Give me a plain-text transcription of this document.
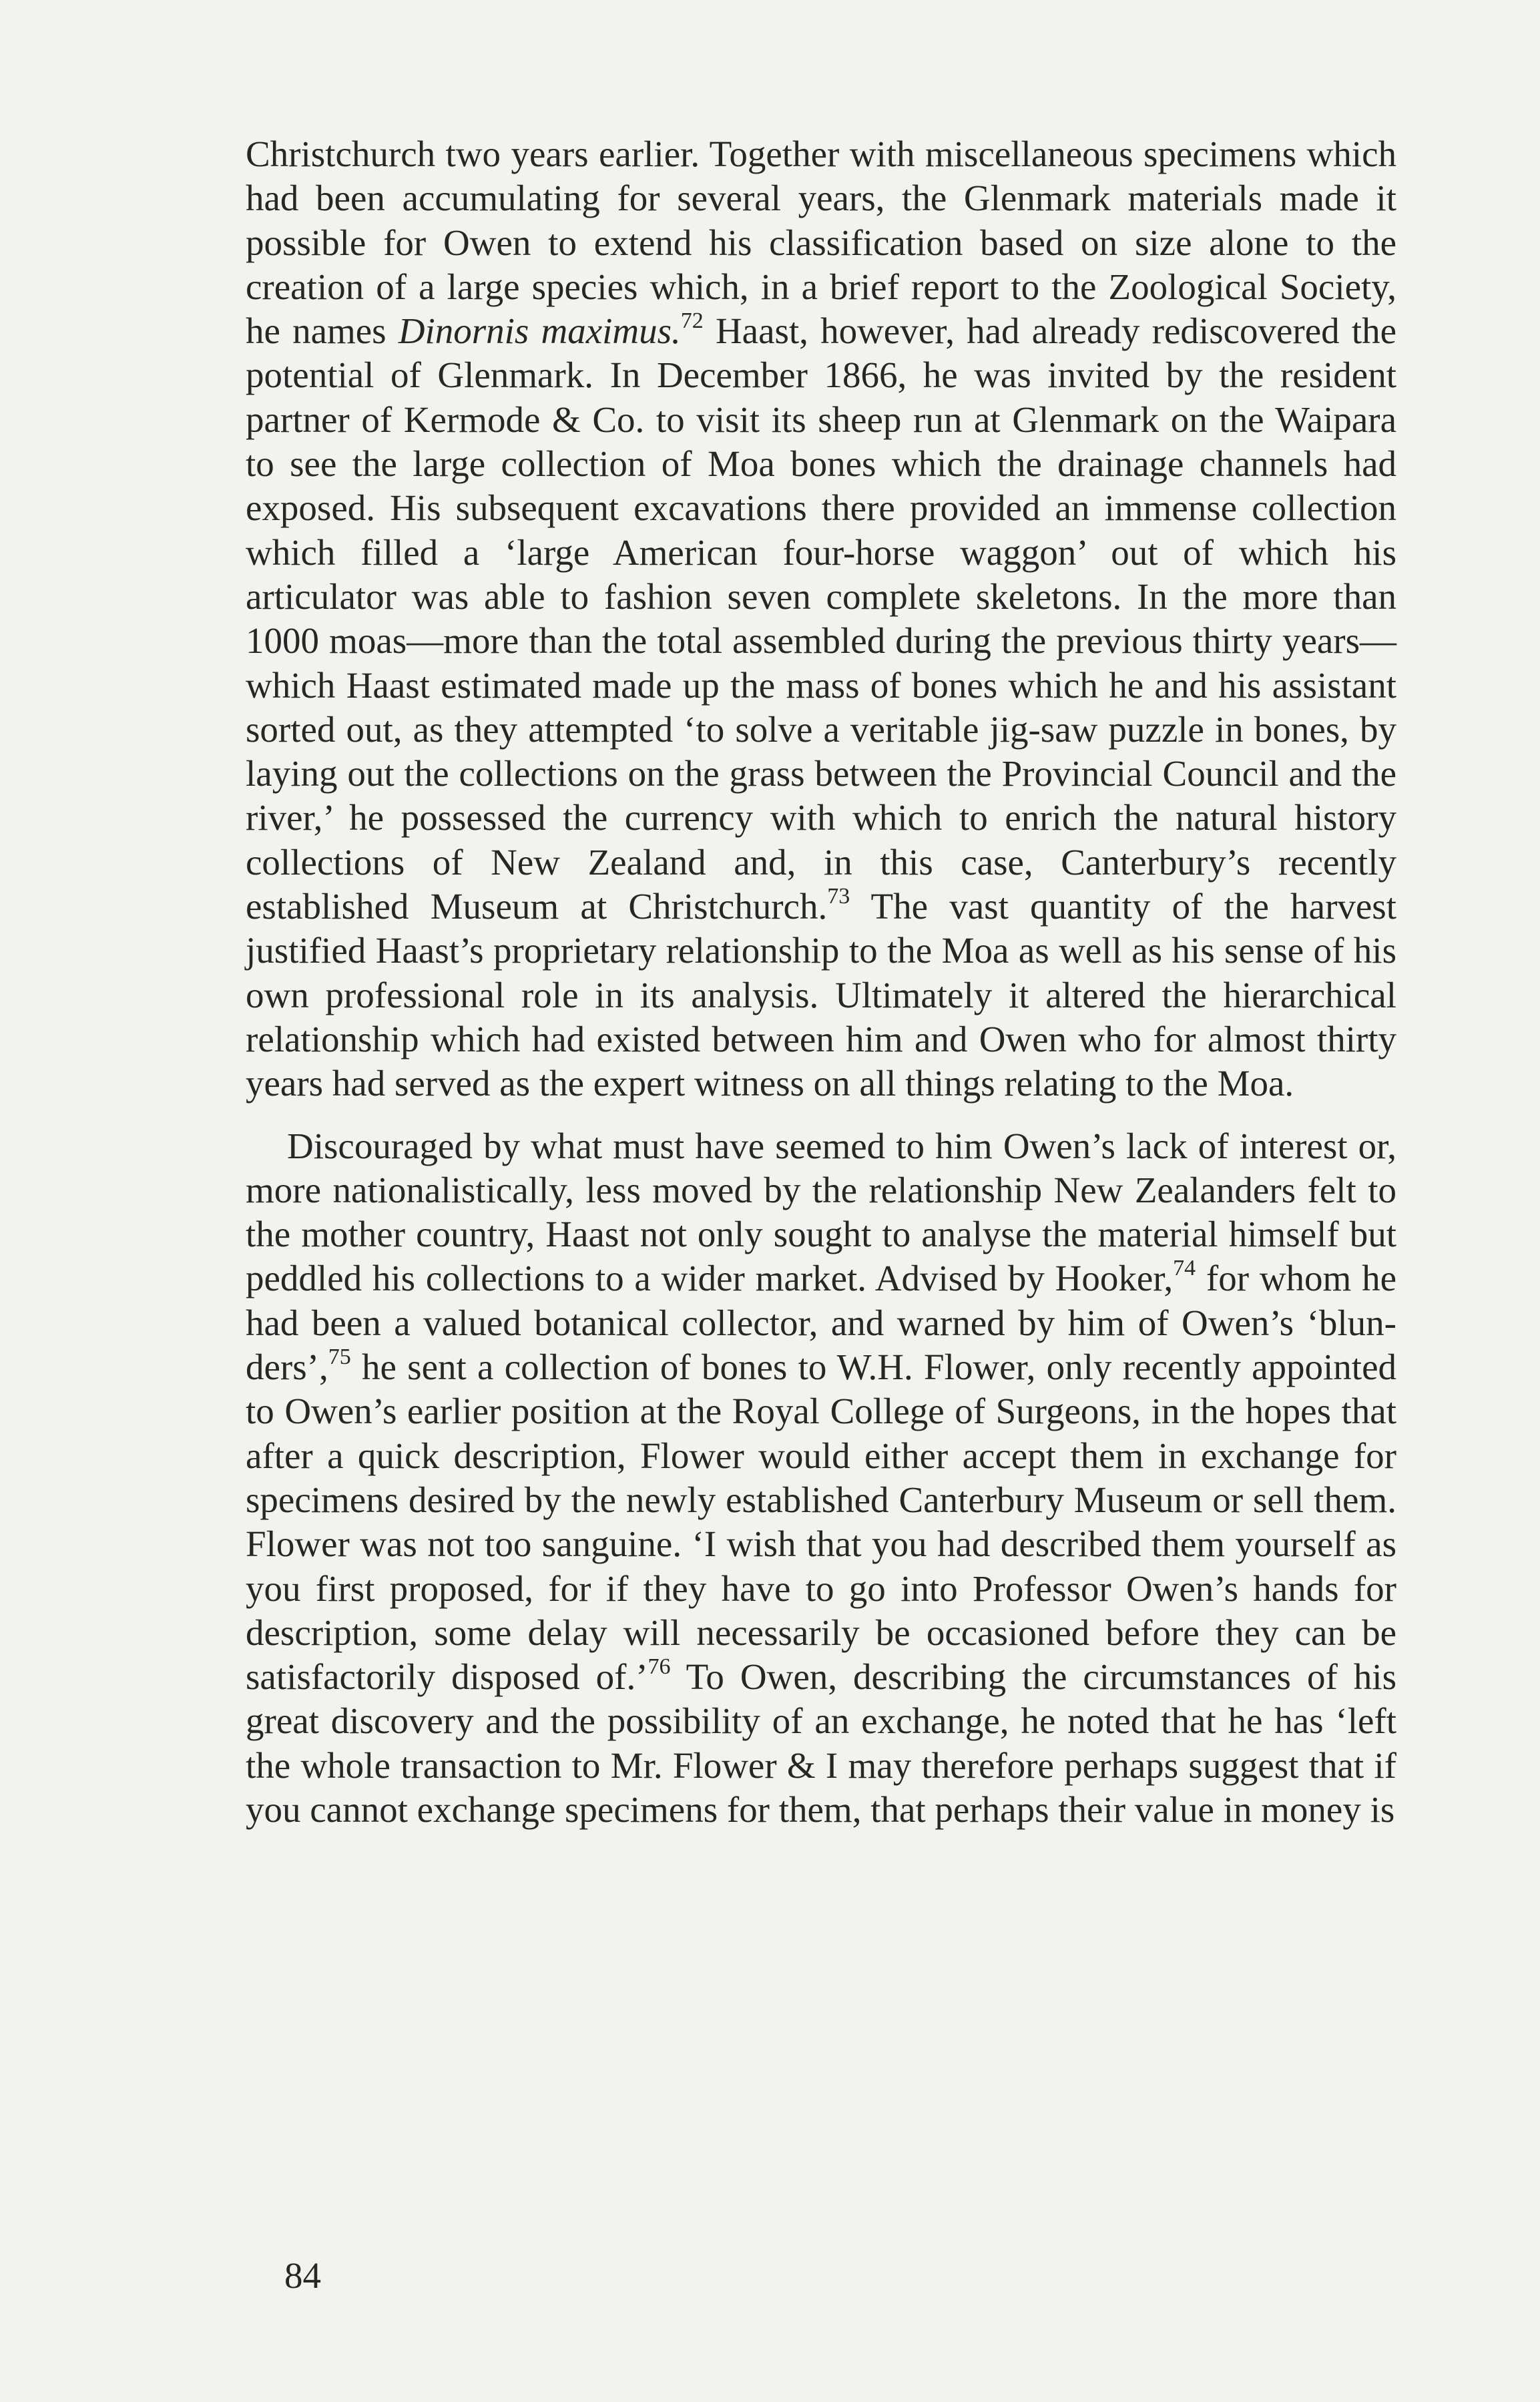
Christchurch two years earlier. Together with miscellaneous specimens which had been accumulating for several years, the Glenmark materials made it possible for Owen to extend his classification based on size alone to the creation of a large species which, in a brief report to the Zoological Society, he names Dinornis maximus.$^{72}$ Haast, however, had already rediscovered the potential of Glenmark. In December 1866, he was invited by the resident partner of Kermode & Co. to visit its sheep run at Glenmark on the Waipara to see the large collection of Moa bones which the drainage channels had exposed. His subsequent excavations there provided an immense collection which filled a ‘large American four-horse waggon’ out of which his articulator was able to fashion seven complete skeletons. In the more than 1000 moas—more than the total assembled during the previous thirty years—which Haast estimated made up the mass of bones which he and his assistant sorted out, as they attempted ‘to solve a veritable jig-saw puzzle in bones, by laying out the collections on the grass between the Provincial Council and the river,’ he possessed the currency with which to enrich the natural history collections of New Zealand and, in this case, Canterbury’s recently established Museum at Christchurch.$^{73}$ The vast quantity of the harvest justified Haast’s proprietary relationship to the Moa as well as his sense of his own professional role in its analysis. Ultimately it altered the hierarchical relationship which had existed between him and Owen who for almost thirty years had served as the expert witness on all things relating to the Moa.

Discouraged by what must have seemed to him Owen’s lack of interest or, more nationalistically, less moved by the relationship New Zealanders felt to the mother country, Haast not only sought to analyse the material himself but peddled his collections to a wider market. Advised by Hooker,$^{74}$ for whom he had been a valued botanical collector, and warned by him of Owen’s ‘blunders’,$^{75}$ he sent a collection of bones to W.H. Flower, only recently appointed to Owen’s earlier position at the Royal College of Surgeons, in the hopes that after a quick description, Flower would either accept them in exchange for specimens desired by the newly established Canterbury Museum or sell them. Flower was not too sanguine. ‘I wish that you had described them yourself as you first proposed, for if they have to go into Professor Owen’s hands for description, some delay will necessarily be occasioned before they can be satisfactorily disposed of.’$^{76}$ To Owen, describing the circumstances of his great discovery and the possibility of an exchange, he noted that he has ‘left the whole transaction to Mr. Flower & I may therefore perhaps suggest that if you cannot exchange specimens for them, that perhaps their value in money is

84
